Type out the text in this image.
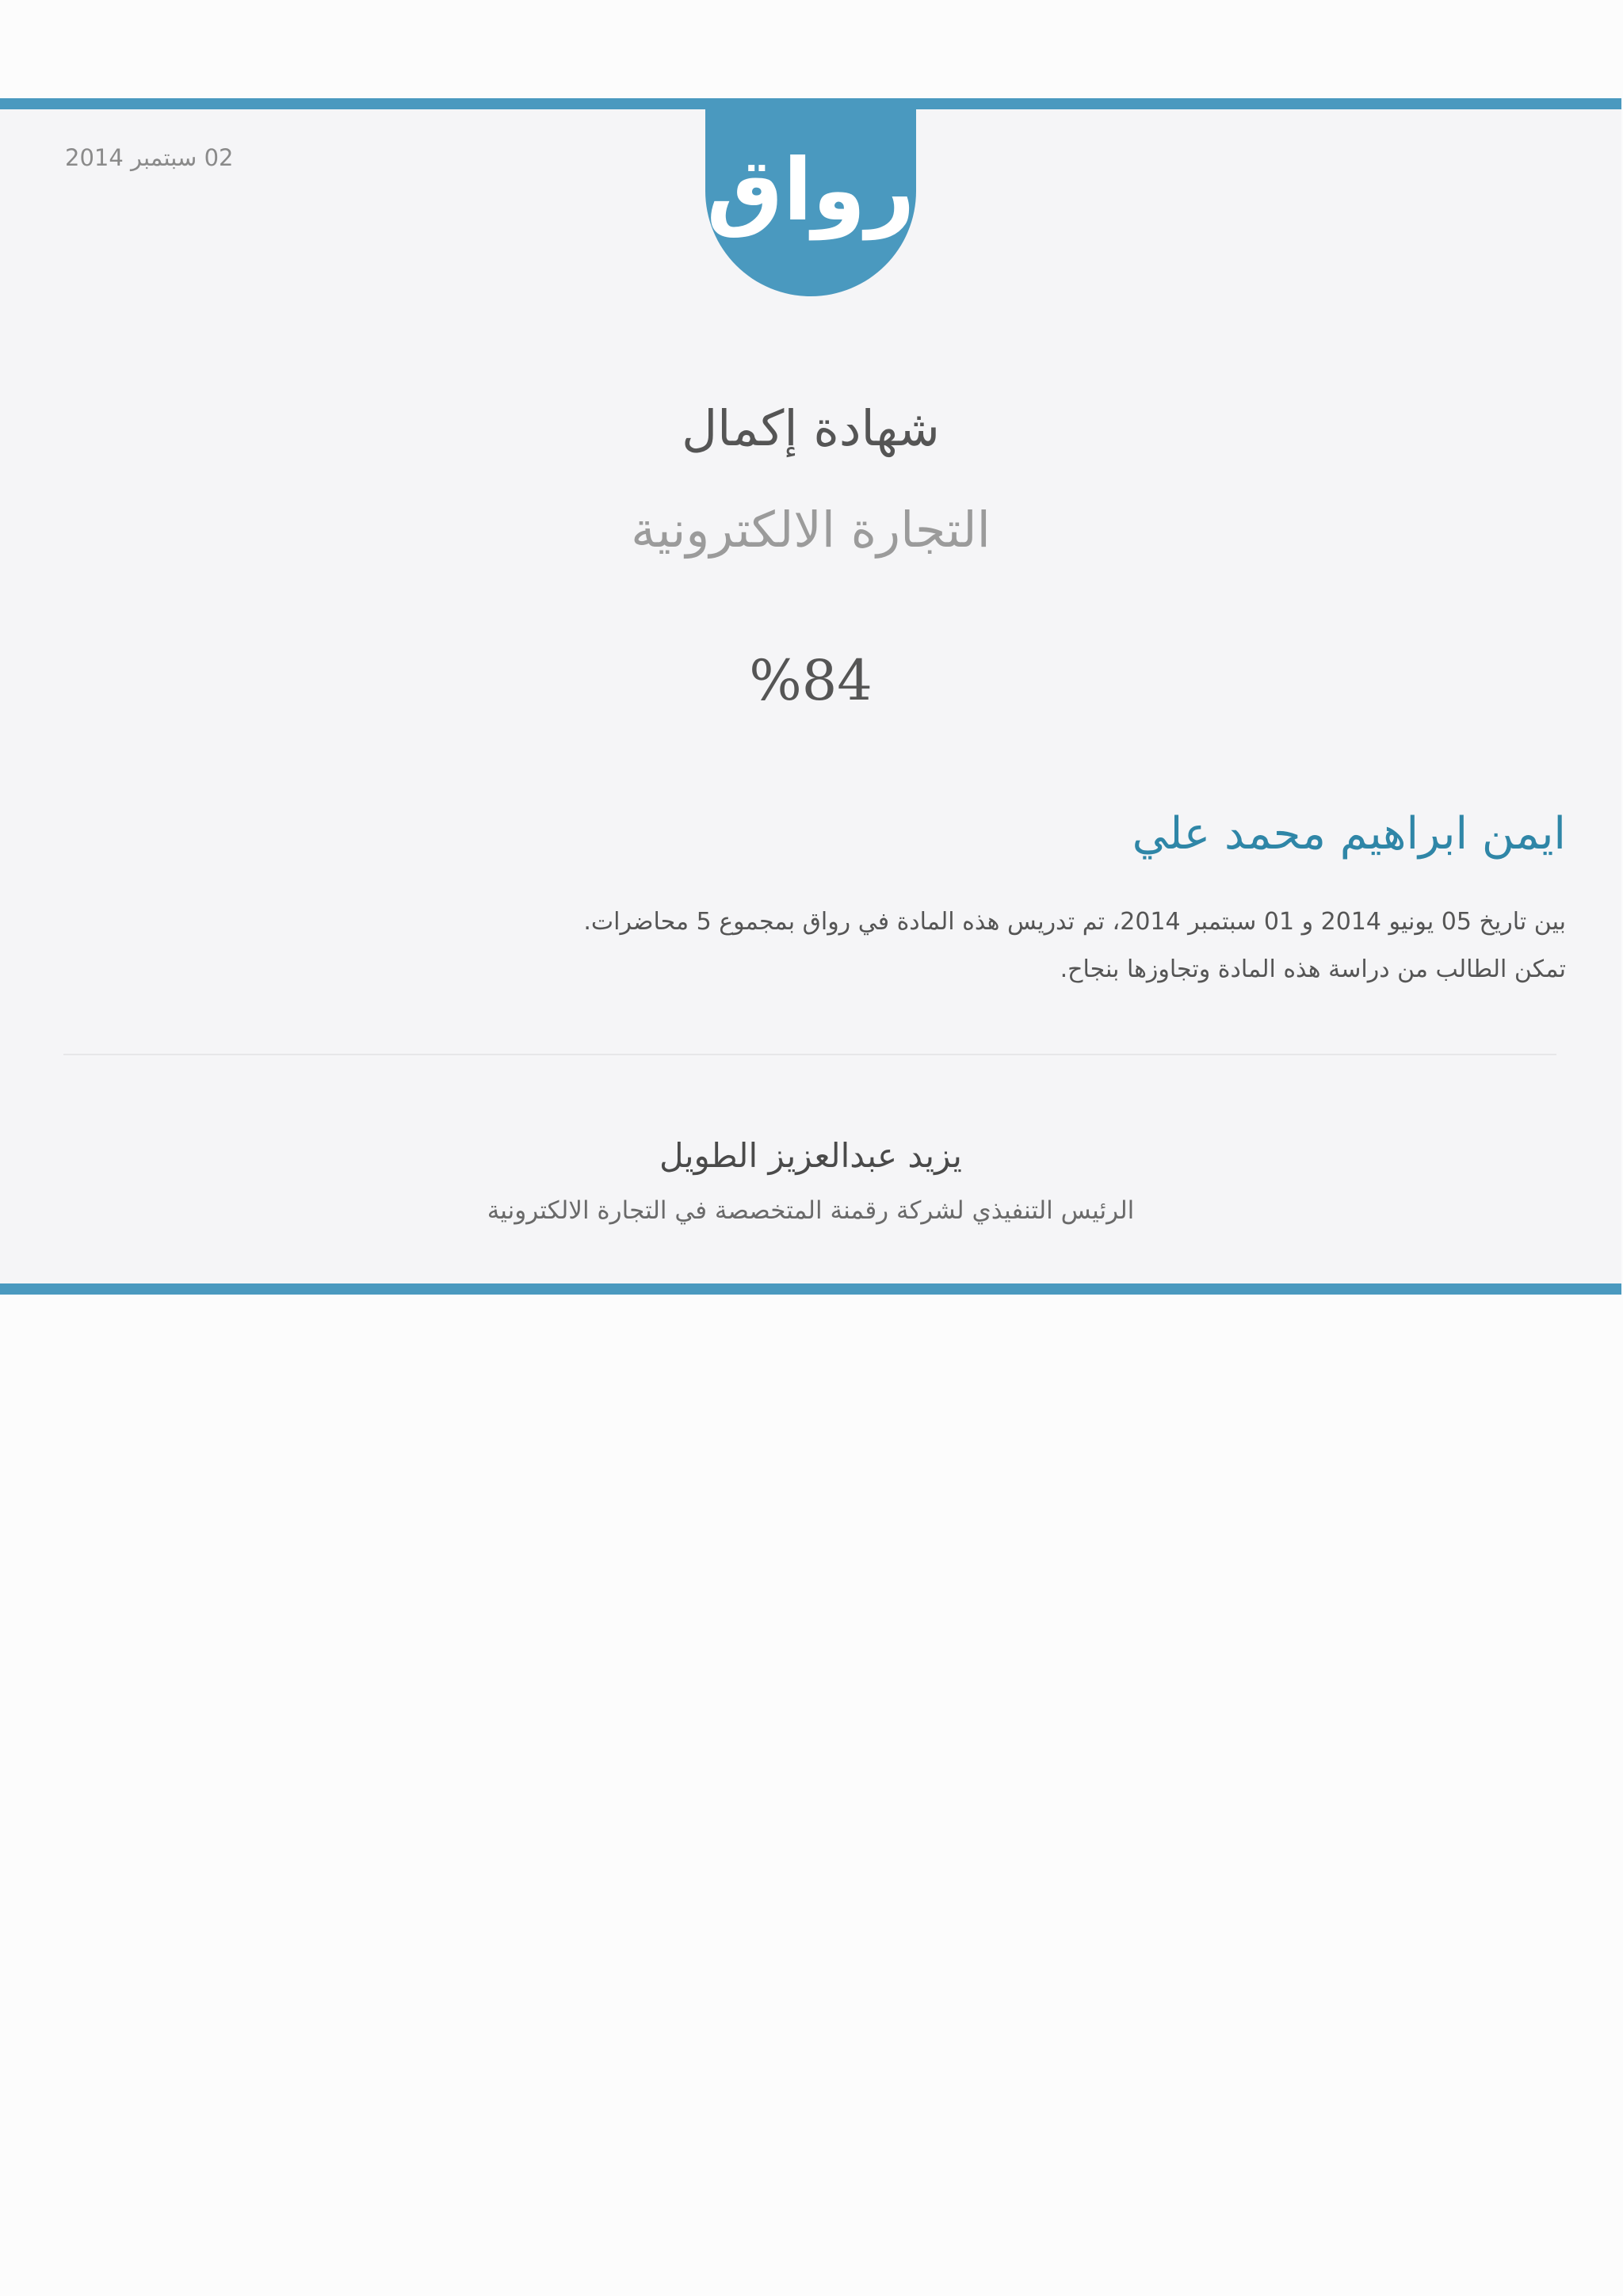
02 سبتمبر 2014	رواق
شهادة إكمال
التجارة الالكترونية
%84
ايمن ابراهيم محمد علي

بين تاريخ 05 يونيو 2014 و 01 سبتمبر 2014، تم تدريس هذه المادة في رواق بمجموع 5 محاضرات.

تمكن الطالب من دراسة هذه المادة وتجاوزها بنجاح.

يزيد عبدالعزيز الطويل
الرئيس التنفيذي لشركة رقمنة المتخصصة في التجارة الالكترونية
